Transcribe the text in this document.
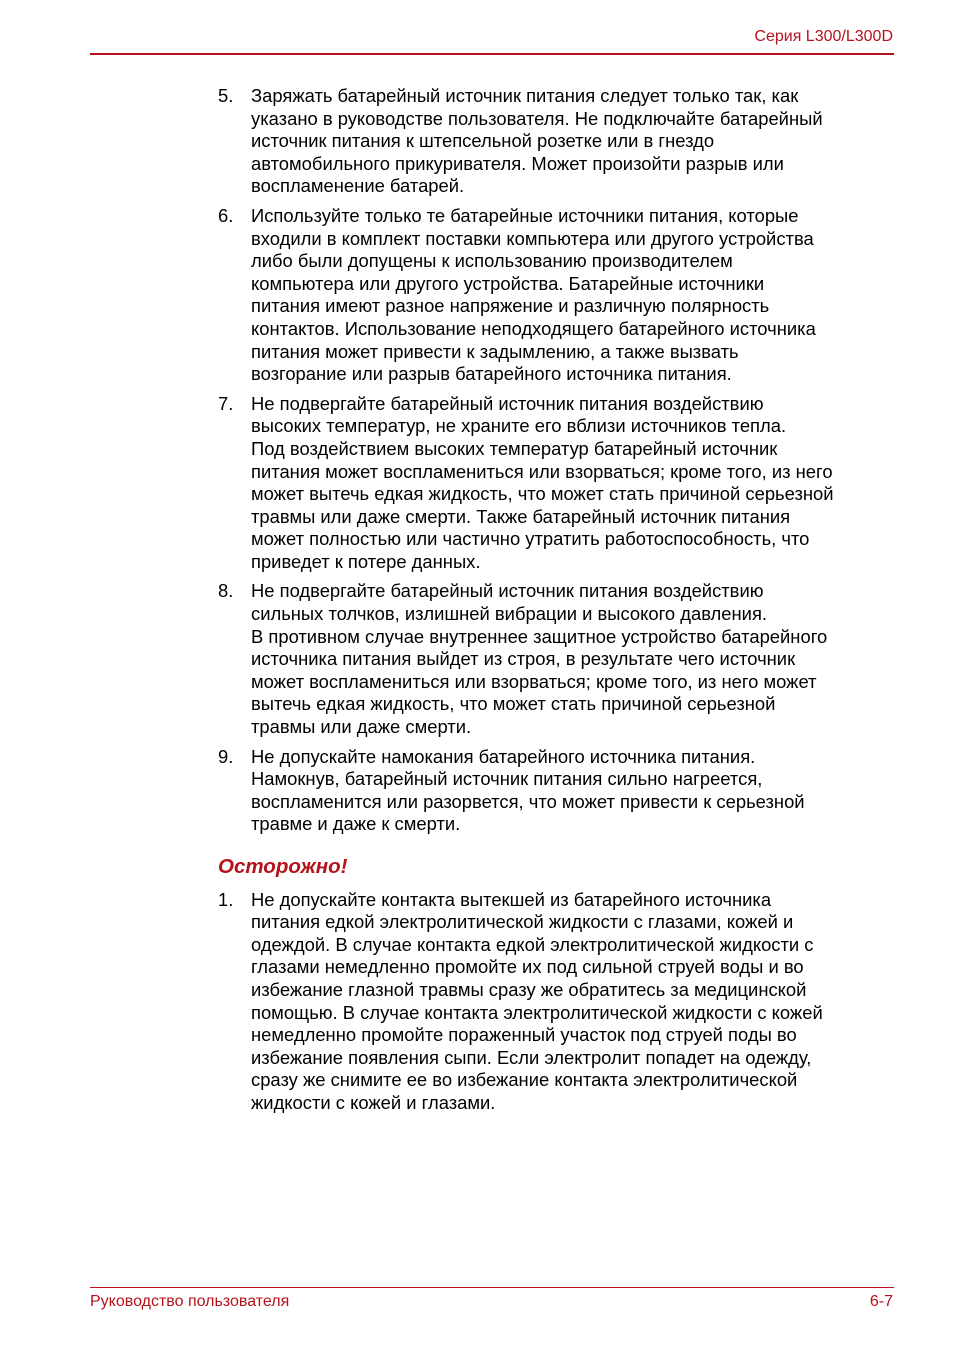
Серия L300/L300D
5. Заряжать батарейный источник питания следует только так, как
указано в руководстве пользователя. Не подключайте батарейный
источник питания к штепсельной розетке или в гнездо
автомобильного прикуривателя. Может произойти разрыв или
воспламенение батарей.
6. Используйте только те батарейные источники питания, которые
входили в комплект поставки компьютера или другого устройства
либо были допущены к использованию производителем
компьютера или другого устройства. Батарейные источники
питания имеют разное напряжение и различную полярность
контактов. Использование неподходящего батарейного источника
питания может привести к задымлению, а также вызвать
возгорание или разрыв батарейного источника питания.
7. Не подвергайте батарейный источник питания воздействию
высоких температур, не храните его вблизи источников тепла.
Под воздействием высоких температур батарейный источник
питания может воспламениться или взорваться; кроме того, из него
может вытечь едкая жидкость, что может стать причиной серьезной
травмы или даже смерти. Также батарейный источник питания
может полностью или частично утратить работоспособность, что
приведет к потере данных.
8. Не подвергайте батарейный источник питания воздействию
сильных толчков, излишней вибрации и высокого давления.
В противном случае внутреннее защитное устройство батарейного
источника питания выйдет из строя, в результате чего источник
может воспламениться или взорваться; кроме того, из него может
вытечь едкая жидкость, что может стать причиной серьезной
травмы или даже смерти.
9. Не допускайте намокания батарейного источника питания.
Намокнув, батарейный источник питания сильно нагреется,
воспламенится или разорвется, что может привести к серьезной
травме и даже к смерти.
Осторожно!
1. Не допускайте контакта вытекшей из батарейного источника
питания едкой электролитической жидкости с глазами, кожей и
одеждой. В случае контакта едкой электролитической жидкости с
глазами немедленно промойте их под сильной струей воды и во
избежание глазной травмы сразу же обратитесь за медицинской
помощью. В случае контакта электролитической жидкости с кожей
немедленно промойте пораженный участок под струей поды во
избежание появления сыпи. Если электролит попадет на одежду,
сразу же снимите ее во избежание контакта электролитической
жидкости с кожей и глазами.
Руководство пользователя	6-7
